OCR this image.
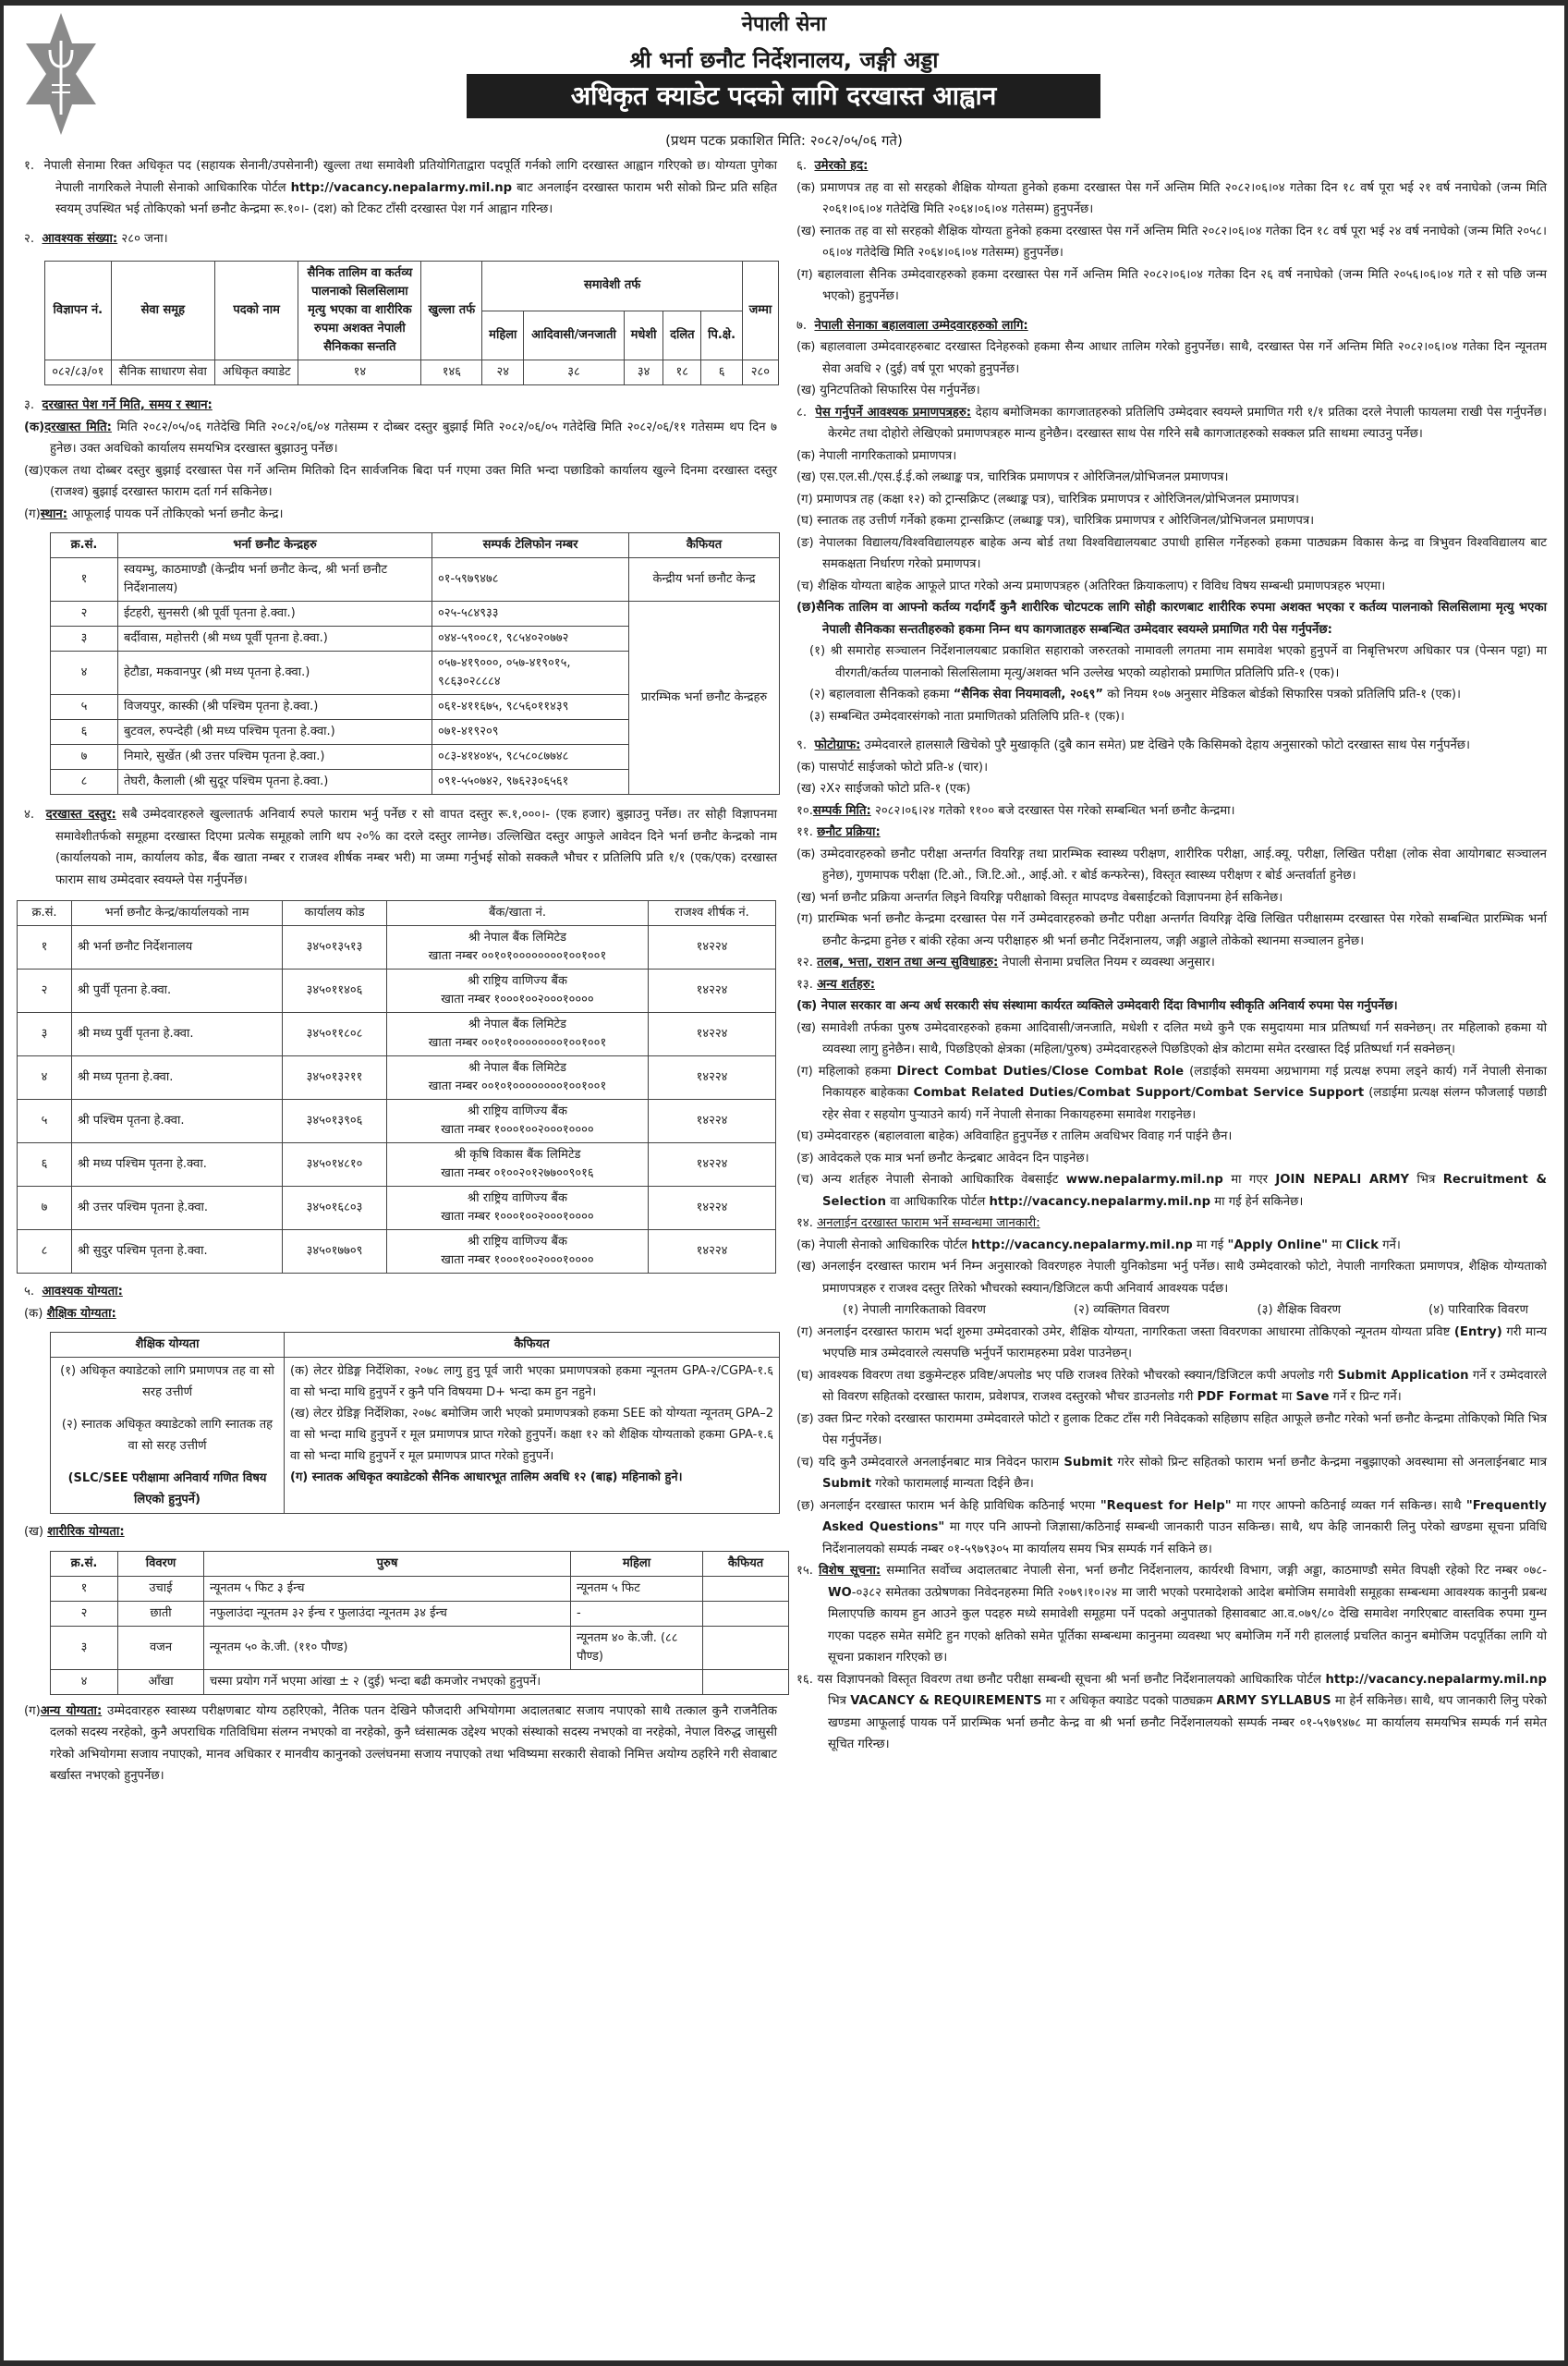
नेपाली सेना
श्री भर्ना छनौट निर्देशनालय, जङ्गी अड्डा
अधिकृत क्याडेट पदको लागि दरखास्त आह्वान
(प्रथम पटक प्रकाशित मिति: २०८२/०५/०६ गते)

१. नेपाली सेनामा रिक्त अधिकृत पद (सहायक सेनानी/उपसेनानी) खुल्ला तथा समावेशी प्रतियोगिताद्वारा पदपूर्ति गर्नको लागि दरखास्त आह्वान गरिएको छ। योग्यता पुगेका नेपाली नागरिकले नेपाली सेनाको आधिकारिक पोर्टल http://vacancy.nepalarmy.mil.np बाट अनलाईन दरखास्त फाराम भरी सोको प्रिन्ट प्रति सहित स्वयम् उपस्थित भई तोकिएको भर्ना छनौट केन्द्रमा रू.१०।- (दश) को टिकट टाँसी दरखास्त पेश गर्न आह्वान गरिन्छ।

२. आवश्यक संख्या: २८० जना।

विज्ञापन नं.	सेवा समूह	पदको नाम	सैनिक तालिम वा कर्तव्य पालनाको सिलसिलामा मृत्यु भएका वा शारीरिक रुपमा अशक्त नेपाली सैनिकका सन्तति	खुल्ला तर्फ	समावेशी तर्फ					जम्मा
					महिला	आदिवासी/जनजाती	मधेशी	दलित	पि.क्षे.	
०८२/८३/०१	सैनिक साधारण सेवा	अधिकृत क्याडेट	१४	१४६	२४	३८	३४	१८	६	२८०

३. दरखास्त पेश गर्ने मिति, समय र स्थान:

(क)दरखास्त मिति: मिति २०८२/०५/०६ गतेदेखि मिति २०८२/०६/०४ गतेसम्म र दोब्बर दस्तुर बुझाई मिति २०८२/०६/०५ गतेदेखि मिति २०८२/०६/११ गतेसम्म थप दिन ७ हुनेछ। उक्त अवधिको कार्यालय समयभित्र दरखास्त बुझाउनु पर्नेछ।

(ख)एकल तथा दोब्बर दस्तुर बुझाई दरखास्त पेस गर्ने अन्तिम मितिको दिन सार्वजनिक बिदा पर्न गएमा उक्त मिति भन्दा पछाडिको कार्यालय खुल्ने दिनमा दरखास्त दस्तुर (राजश्व) बुझाई दरखास्त फाराम दर्ता गर्न सकिनेछ।

(ग)स्थान: आफूलाई पायक पर्ने तोकिएको भर्ना छनौट केन्द्र।

क्र.सं.	भर्ना छनौट केन्द्रहरु	सम्पर्क टेलिफोन नम्बर	कैफियत
१	स्वयम्भु, काठमाण्डौ (केन्द्रीय भर्ना छनौट केन्द, श्री भर्ना छनौट निर्देशनालय)	०१-५९७९४७८	केन्द्रीय भर्ना छनौट केन्द्र
२	ईटहरी, सुनसरी (श्री पूर्वी पृतना हे.क्वा.)	०२५-५८४९३३	प्रारम्भिक भर्ना छनौट केन्द्रहरु
३	बर्दीवास, महोत्तरी (श्री मध्य पूर्वी पृतना हे.क्वा.)	०४४-५९००८१, ९८५४०२०७७२	
४	हेटौडा, मकवानपुर (श्री मध्य पृतना हे.क्वा.)	०५७-४१९०००, ०५७-४१९०१५, ९८६३०२८८८४	
५	विजयपुर, कास्की (श्री पश्चिम पृतना हे.क्वा.)	०६१-४११६७५, ९८५६०११४३९	
६	बुटवल, रुपन्देही (श्री मध्य पश्चिम पृतना हे.क्वा.)	०७१-४१९२०९	
७	निमारे, सुर्खेत (श्री उत्तर पश्चिम पृतना हे.क्वा.)	०८३-४१४०४५, ९८५८०८७७४८	
८	तेघरी, कैलाली (श्री सुदूर पश्चिम पृतना हे.क्वा.)	०९१-५५०७४२, ९७६२३०६५६१	

४. दरखास्त दस्तुर: सबै उम्मेदवारहरुले खुल्लातर्फ अनिवार्य रुपले फाराम भर्नु पर्नेछ र सो वापत दस्तुर रू.१,०००।- (एक हजार) बुझाउनु पर्नेछ। तर सोही विज्ञापनमा समावेशीतर्फको समूहमा दरखास्त दिएमा प्रत्येक समूहको लागि थप २०% का दरले दस्तुर लाग्नेछ। उल्लिखित दस्तुर आफुले आवेदन दिने भर्ना छनौट केन्द्रको नाम (कार्यालयको नाम, कार्यालय कोड, बैंक खाता नम्बर र राजश्व शीर्षक नम्बर भरी) मा जम्मा गर्नुभई सोको सक्कलै भौचर र प्रतिलिपि प्रति १/१ (एक/एक) दरखास्त फाराम साथ उम्मेदवार स्वयम्ले पेस गर्नुपर्नेछ।

क्र.सं.	भर्ना छनौट केन्द्र/कार्यालयको नाम	कार्यालय कोड	बैंक/खाता नं.	राजश्व शीर्षक नं.
१	श्री भर्ना छनौट निर्देशनालय	३४५०१३५१३	श्री नेपाल बैंक लिमिटेड
खाता नम्बर ००१०१००००००००१००१००१	१४२२४
२	श्री पुर्वी पृतना हे.क्वा.	३४५०११४०६	श्री राष्ट्रिय वाणिज्य बैंक
खाता नम्बर १०००१००२०००१००००	१४२२४
३	श्री मध्य पुर्वी पृतना हे.क्वा.	३४५०११८०८	श्री नेपाल बैंक लिमिटेड
खाता नम्बर ००१०१००००००००१००१००१	१४२२४
४	श्री मध्य पृतना हे.क्वा.	३४५०१३२११	श्री नेपाल बैंक लिमिटेड
खाता नम्बर ००१०१००००००००१००१००१	१४२२४
५	श्री पश्चिम पृतना हे.क्वा.	३४५०१३९०६	श्री राष्ट्रिय वाणिज्य बैंक
खाता नम्बर १०००१००२०००१००००	१४२२४
६	श्री मध्य पश्चिम पृतना हे.क्वा.	३४५०१४८१०	श्री कृषि विकास बैंक लिमिटेड
खाता नम्बर ०१००२०१२७७००९०१६	१४२२४
७	श्री उत्तर पश्चिम पृतना हे.क्वा.	३४५०१६८०३	श्री राष्ट्रिय वाणिज्य बैंक
खाता नम्बर १०००१००२०००१००००	१४२२४
८	श्री सुदुर पश्चिम पृतना हे.क्वा.	३४५०१७७०९	श्री राष्ट्रिय वाणिज्य बैंक
खाता नम्बर १०००१००२०००१००००	१४२२४

५. आवश्यक योग्यता:

(क) शैक्षिक योग्यता:

शैक्षिक योग्यता	कैफियत

(१) अधिकृत क्याडेटको लागि प्रमाणपत्र तह वा सो सरह उत्तीर्ण
(२) स्नातक अधिकृत क्याडेटको लागि स्नातक तह वा सो सरह उत्तीर्ण
(SLC/SEE परीक्षामा अनिवार्य गणित विषय लिएको हुनुपर्ने)

(क) लेटर ग्रेडिङ्ग निर्देशिका, २०७८ लागु हुनु पूर्व जारी भएका प्रमाणपत्रको हकमा न्यूनतम GPA-२/CGPA-१.६ वा सो भन्दा माथि हुनुपर्ने र कुनै पनि विषयमा D+ भन्दा कम हुन नहुने।
(ख) लेटर ग्रेडिङ्ग निर्देशिका, २०७८ बमोजिम जारी भएको प्रमाणपत्रको हकमा SEE को योग्यता न्यूनतम् GPA–2 वा सो भन्दा माथि हुनुपर्ने र मूल प्रमाणपत्र प्राप्त गरेको हुनुपर्ने। कक्षा १२ को शैक्षिक योग्यताको हकमा GPA-१.६ वा सो भन्दा माथि हुनुपर्ने र मूल प्रमाणपत्र प्राप्त गरेको हुनुपर्ने।
(ग) स्नातक अधिकृत क्याडेटको सैनिक आधारभूत तालिम अवधि १२ (बाह्र) महिनाको हुने।

(ख) शारीरिक योग्यता:

क्र.सं.	विवरण	पुरुष	महिला	कैफियत
१	उचाई	न्यूनतम ५ फिट ३ ईन्च	न्यूनतम ५ फिट	
२	छाती	नफुलाउंदा न्यूनतम ३२ ईन्च र फुलाउंदा न्यूनतम ३४ ईन्च	-	
३	वजन	न्यूनतम ५० के.जी. (११० पौण्ड)	न्यूनतम ४० के.जी. (८८ पौण्ड)	
४	आँखा	चस्मा प्रयोग गर्ने भएमा आंखा ± २ (दुई) भन्दा बढी कमजोर नभएको हुनुपर्ने।		

(ग)अन्य योग्यता: उम्मेदवारहरु स्वास्थ्य परीक्षणबाट योग्य ठहरिएको, नैतिक पतन देखिने फौजदारी अभियोगमा अदालतबाट सजाय नपाएको साथै तत्काल कुनै राजनैतिक दलको सदस्य नरहेको, कुनै अपराधिक गतिविधिमा संलग्न नभएको वा नरहेको, कुनै ध्वंसात्मक उद्देश्य भएको संस्थाको सदस्य नभएको वा नरहेको, नेपाल विरुद्ध जासुसी गरेको अभियोगमा सजाय नपाएको, मानव अधिकार र मानवीय कानुनको उल्लंघनमा सजाय नपाएको तथा भविष्यमा सरकारी सेवाको निमित्त अयोग्य ठहरिने गरी सेवाबाट बर्खास्त नभएको हुनुपर्नेछ।

६. उमेरको हद:

(क) प्रमाणपत्र तह वा सो सरहको शैक्षिक योग्यता हुनेको हकमा दरखास्त पेस गर्ने अन्तिम मिति २०८२।०६।०४ गतेका दिन १८ वर्ष पूरा भई २१ वर्ष ननाघेको (जन्म मिति २०६१।०६।०४ गतेदेखि मिति २०६४।०६।०४ गतेसम्म) हुनुपर्नेछ।

(ख) स्नातक तह वा सो सरहको शैक्षिक योग्यता हुनेको हकमा दरखास्त पेस गर्ने अन्तिम मिति २०८२।०६।०४ गतेका दिन १८ वर्ष पूरा भई २४ वर्ष ननाघेको (जन्म मिति २०५८।०६।०४ गतेदेखि मिति २०६४।०६।०४ गतेसम्म) हुनुपर्नेछ।

(ग) बहालवाला सैनिक उम्मेदवारहरुको हकमा दरखास्त पेस गर्ने अन्तिम मिति २०८२।०६।०४ गतेका दिन २६ वर्ष ननाघेको (जन्म मिति २०५६।०६।०४ गते र सो पछि जन्म भएको) हुनुपर्नेछ।

७. नेपाली सेनाका बहालवाला उम्मेदवारहरुको लागि:

(क) बहालवाला उम्मेदवारहरुबाट दरखास्त दिनेहरुको हकमा सैन्य आधार तालिम गरेको हुनुपर्नेछ। साथै, दरखास्त पेस गर्ने अन्तिम मिति २०८२।०६।०४ गतेका दिन न्यूनतम सेवा अवधि २ (दुई) वर्ष पूरा भएको हुनुपर्नेछ।

(ख) युनिटपतिको सिफारिस पेस गर्नुपर्नेछ।

८. पेस गर्नुपर्ने आवश्यक प्रमाणपत्रहरु: देहाय बमोजिमका कागजातहरुको प्रतिलिपि उम्मेदवार स्वयम्ले प्रमाणित गरी १/१ प्रतिका दरले नेपाली फायलमा राखी पेस गर्नुपर्नेछ। केरमेट तथा दोहोरो लेखिएको प्रमाणपत्रहरु मान्य हुनेछैन। दरखास्त साथ पेस गरिने सबै कागजातहरुको सक्कल प्रति साथमा ल्याउनु पर्नेछ।

(क) नेपाली नागरिकताको प्रमाणपत्र।

(ख) एस.एल.सी./एस.ई.ई.को लब्धाङ्क पत्र, चारित्रिक प्रमाणपत्र र ओरिजिनल/प्रोभिजनल प्रमाणपत्र।

(ग) प्रमाणपत्र तह (कक्षा १२) को ट्रान्सक्रिप्ट (लब्धाङ्क पत्र), चारित्रिक प्रमाणपत्र र ओरिजिनल/प्रोभिजनल प्रमाणपत्र।

(घ) स्नातक तह उत्तीर्ण गर्नेको हकमा ट्रान्सक्रिप्ट (लब्धाङ्क पत्र), चारित्रिक प्रमाणपत्र र ओरिजिनल/प्रोभिजनल प्रमाणपत्र।

(ङ) नेपालका विद्यालय/विश्वविद्यालयहरु बाहेक अन्य बोर्ड तथा विश्वविद्यालयबाट उपाधी हासिल गर्नेहरुको हकमा पाठ्यक्रम विकास केन्द्र वा त्रिभुवन विश्वविद्यालय बाट समकक्षता निर्धारण गरेको प्रमाणपत्र।

(च) शैक्षिक योग्यता बाहेक आफूले प्राप्त गरेको अन्य प्रमाणपत्रहरु (अतिरिक्त क्रियाकलाप) र विविध विषय सम्बन्धी प्रमाणपत्रहरु भएमा।

(छ)सैनिक तालिम वा आफ्नो कर्तव्य गर्दागर्दै कुनै शारीरिक चोटपटक लागि सोही कारणबाट शारीरिक रुपमा अशक्त भएका र कर्तव्य पालनाको सिलसिलामा मृत्यु भएका नेपाली सैनिकका सन्ततीहरुको हकमा निम्न थप कागजातहरु सम्बन्धित उम्मेदवार स्वयम्ले प्रमाणित गरी पेस गर्नुपर्नेछ:

(१) श्री समारोह सञ्चालन निर्देशनालयबाट प्रकाशित सहाराको जरुरतको नामावली लगतमा नाम समावेश भएको हुनुपर्ने वा निबृत्तिभरण अधिकार पत्र (पेन्सन पट्टा) मा वीरगती/कर्तव्य पालनाको सिलसिलामा मृत्यु/अशक्त भनि उल्लेख भएको व्यहोराको प्रमाणित प्रतिलिपि प्रति-१ (एक)।

(२) बहालवाला सैनिकको हकमा “सैनिक सेवा नियमावली, २०६९” को नियम १०७ अनुसार मेडिकल बोर्डको सिफारिस पत्रको प्रतिलिपि प्रति-१ (एक)।

(३) सम्बन्धित उम्मेदवारसंगको नाता प्रमाणितको प्रतिलिपि प्रति-१ (एक)।

९. फोटोग्राफ: उम्मेदवारले हालसालै खिचेको पुरै मुखाकृति (दुबै कान समेत) प्रष्ट देखिने एकै किसिमको देहाय अनुसारको फोटो दरखास्त साथ पेस गर्नुपर्नेछ।

(क) पासपोर्ट साईजको फोटो प्रति-४ (चार)।

(ख) २X२ साईजको फोटो प्रति-१ (एक)

१०.सम्पर्क मिति: २०८२।०६।२४ गतेको ११०० बजे दरखास्त पेस गरेको सम्बन्धित भर्ना छनौट केन्द्रमा।

११. छनौट प्रक्रिया:

(क) उम्मेदवारहरुको छनौट परीक्षा अन्तर्गत वियरिङ्ग तथा प्रारम्भिक स्वास्थ्य परीक्षण, शारीरिक परीक्षा, आई.क्यू. परीक्षा, लिखित परीक्षा (लोक सेवा आयोगबाट सञ्चालन हुनेछ), गुणमापक परीक्षा (टि.ओ., जि.टि.ओ., आई.ओ. र बोर्ड कन्फरेन्स), विस्तृत स्वास्थ्य परीक्षण र बोर्ड अन्तर्वार्ता हुनेछ।

(ख) भर्ना छनौट प्रक्रिया अन्तर्गत लिइने वियरिङ्ग परीक्षाको विस्तृत मापदण्ड वेबसाईटको विज्ञापनमा हेर्न सकिनेछ।

(ग) प्रारम्भिक भर्ना छनौट केन्द्रमा दरखास्त पेस गर्ने उम्मेदवारहरुको छनौट परीक्षा अन्तर्गत वियरिङ्ग देखि लिखित परीक्षासम्म दरखास्त पेस गरेको सम्बन्धित प्रारम्भिक भर्ना छनौट केन्द्रमा हुनेछ र बांकी रहेका अन्य परीक्षाहरु श्री भर्ना छनौट निर्देशनालय, जङ्गी अड्डाले तोकेको स्थानमा सञ्चालन हुनेछ।

१२. तलब, भत्ता, राशन तथा अन्य सुविधाहरु: नेपाली सेनामा प्रचलित नियम र व्यवस्था अनुसार।

१३. अन्य शर्तहरु:

(क) नेपाल सरकार वा अन्य अर्ध सरकारी संघ संस्थामा कार्यरत व्यक्तिले उम्मेदवारी दिंदा विभागीय स्वीकृति अनिवार्य रुपमा पेस गर्नुपर्नेछ।

(ख) समावेशी तर्फका पुरुष उम्मेदवारहरुको हकमा आदिवासी/जनजाति, मधेशी र दलित मध्ये कुनै एक समुदायमा मात्र प्रतिष्पर्धा गर्न सक्नेछन्। तर महिलाको हकमा यो व्यवस्था लागु हुनेछैन। साथै, पिछडिएको क्षेत्रका (महिला/पुरुष) उम्मेदवारहरुले पिछडिएको क्षेत्र कोटामा समेत दरखास्त दिई प्रतिष्पर्धा गर्न सक्नेछन्।

(ग) महिलाको हकमा Direct Combat Duties/Close Combat Role (लडाईको समयमा अग्रभागमा गई प्रत्यक्ष रुपमा लड्ने कार्य) गर्ने नेपाली सेनाका निकायहरु बाहेकका Combat Related Duties/Combat Support/Combat Service Support (लडाईमा प्रत्यक्ष संलग्न फौजलाई पछाडी रहेर सेवा र सहयोग पुऱ्याउने कार्य) गर्ने नेपाली सेनाका निकायहरुमा समावेश गराइनेछ।

(घ) उम्मेदवारहरु (बहालवाला बाहेक) अविवाहित हुनुपर्नेछ र तालिम अवधिभर विवाह गर्न पाईने छैन।

(ङ) आवेदकले एक मात्र भर्ना छनौट केन्द्रबाट आवेदन दिन पाइनेछ।

(च) अन्य शर्तहरु नेपाली सेनाको आधिकारिक वेबसाईट www.nepalarmy.mil.np मा गएर JOIN NEPALI ARMY भित्र Recruitment & Selection वा आधिकारिक पोर्टल http://vacancy.nepalarmy.mil.np मा गई हेर्न सकिनेछ।

१४. अनलाईन दरखास्त फाराम भर्ने सम्वन्धमा जानकारी:

(क) नेपाली सेनाको आधिकारिक पोर्टल http://vacancy.nepalarmy.mil.np मा गई "Apply Online" मा Click गर्ने।

(ख) अनलाईन दरखास्त फाराम भर्न निम्न अनुसारको विवरणहरु नेपाली युनिकोडमा भर्नु पर्नेछ। साथै उम्मेदवारको फोटो, नेपाली नागरिकता प्रमाणपत्र, शैक्षिक योग्यताको प्रमाणपत्रहरु र राजश्व दस्तुर तिरेको भौचरको स्क्यान/डिजिटल कपी अनिवार्य आवश्यक पर्दछ।

(१) नेपाली नागरिकताको विवरण	(२) व्यक्तिगत विवरण	(३) शैक्षिक विवरण	(४) पारिवारिक विवरण

(ग) अनलाईन दरखास्त फाराम भर्दा शुरुमा उम्मेदवारको उमेर, शैक्षिक योग्यता, नागरिकता जस्ता विवरणका आधारमा तोकिएको न्यूनतम योग्यता प्रविष्ट (Entry) गरी मान्य भएपछि मात्र उम्मेदवारले त्यसपछि भर्नुपर्ने फारामहरुमा प्रवेश पाउनेछन्।

(घ) आवश्यक विवरण तथा डकुमेन्टहरु प्रविष्ट/अपलोड भए पछि राजश्व तिरेको भौचरको स्क्यान/डिजिटल कपी अपलोड गरी Submit Application गर्ने र उम्मेदवारले सो विवरण सहितको दरखास्त फाराम, प्रवेशपत्र, राजश्व दस्तुरको भौचर डाउनलोड गरी PDF Format मा Save गर्ने र प्रिन्ट गर्ने।

(ङ) उक्त प्रिन्ट गरेको दरखास्त फाराममा उम्मेदवारले फोटो र हुलाक टिकट टाँस गरी निवेदकको सहिछाप सहित आफूले छनौट गरेको भर्ना छनौट केन्द्रमा तोकिएको मिति भित्र पेस गर्नुपर्नेछ।

(च) यदि कुनै उम्मेदवारले अनलाईनबाट मात्र निवेदन फाराम Submit गरेर सोको प्रिन्ट सहितको फाराम भर्ना छनौट केन्द्रमा नबुझाएको अवस्थामा सो अनलाईनबाट मात्र Submit गरेको फारामलाई मान्यता दिईने छैन।

(छ) अनलाईन दरखास्त फाराम भर्न केहि प्राविधिक कठिनाई भएमा "Request for Help" मा गएर आफ्नो कठिनाई व्यक्त गर्न सकिन्छ। साथै "Frequently Asked Questions" मा गएर पनि आफ्नो जिज्ञासा/कठिनाई सम्बन्धी जानकारी पाउन सकिन्छ। साथै, थप केहि जानकारी लिनु परेको खण्डमा सूचना प्रविधि निर्देशनालयको सम्पर्क नम्बर ०१-५९७९३०५ मा कार्यालय समय भित्र सम्पर्क गर्न सकिने छ।

१५. विशेष सूचना: सम्मानित सर्वोच्च अदालतबाट नेपाली सेना, भर्ना छनौट निर्देशनालय, कार्यरथी विभाग, जङ्गी अड्डा, काठमाण्डौ समेत विपक्षी रहेको रिट नम्बर ०७८-WO-०३८२ समेतका उत्प्रेषणका निवेदनहरुमा मिति २०७९।१०।२४ मा जारी भएको परमादेशको आदेश बमोजिम समावेशी समूहका सम्बन्धमा आवश्यक कानुनी प्रबन्ध मिलाएपछि कायम हुन आउने कुल पदहरु मध्ये समावेशी समूहमा पर्ने पदको अनुपातको हिसावबाट आ.व.०७९/८० देखि समावेश नगरिएबाट वास्तविक रुपमा गुम्न गएका पदहरु समेत समेटि हुन गएको क्षतिको समेत पूर्तिका सम्बन्धमा कानुनमा व्यवस्था भए बमोजिम गर्ने गरी हाललाई प्रचलित कानुन बमोजिम पदपूर्तिका लागि यो सूचना प्रकाशन गरिएको छ।

१६. यस विज्ञापनको विस्तृत विवरण तथा छनौट परीक्षा सम्बन्धी सूचना श्री भर्ना छनौट निर्देशनालयको आधिकारिक पोर्टल http://vacancy.nepalarmy.mil.np भित्र VACANCY & REQUIREMENTS मा र अधिकृत क्याडेट पदको पाठ्यक्रम ARMY SYLLABUS मा हेर्न सकिनेछ। साथै, थप जानकारी लिनु परेको खण्डमा आफूलाई पायक पर्ने प्रारम्भिक भर्ना छनौट केन्द्र वा श्री भर्ना छनौट निर्देशनालयको सम्पर्क नम्बर ०१-५९७९४७८ मा कार्यालय समयभित्र सम्पर्क गर्न समेत सूचित गरिन्छ।
